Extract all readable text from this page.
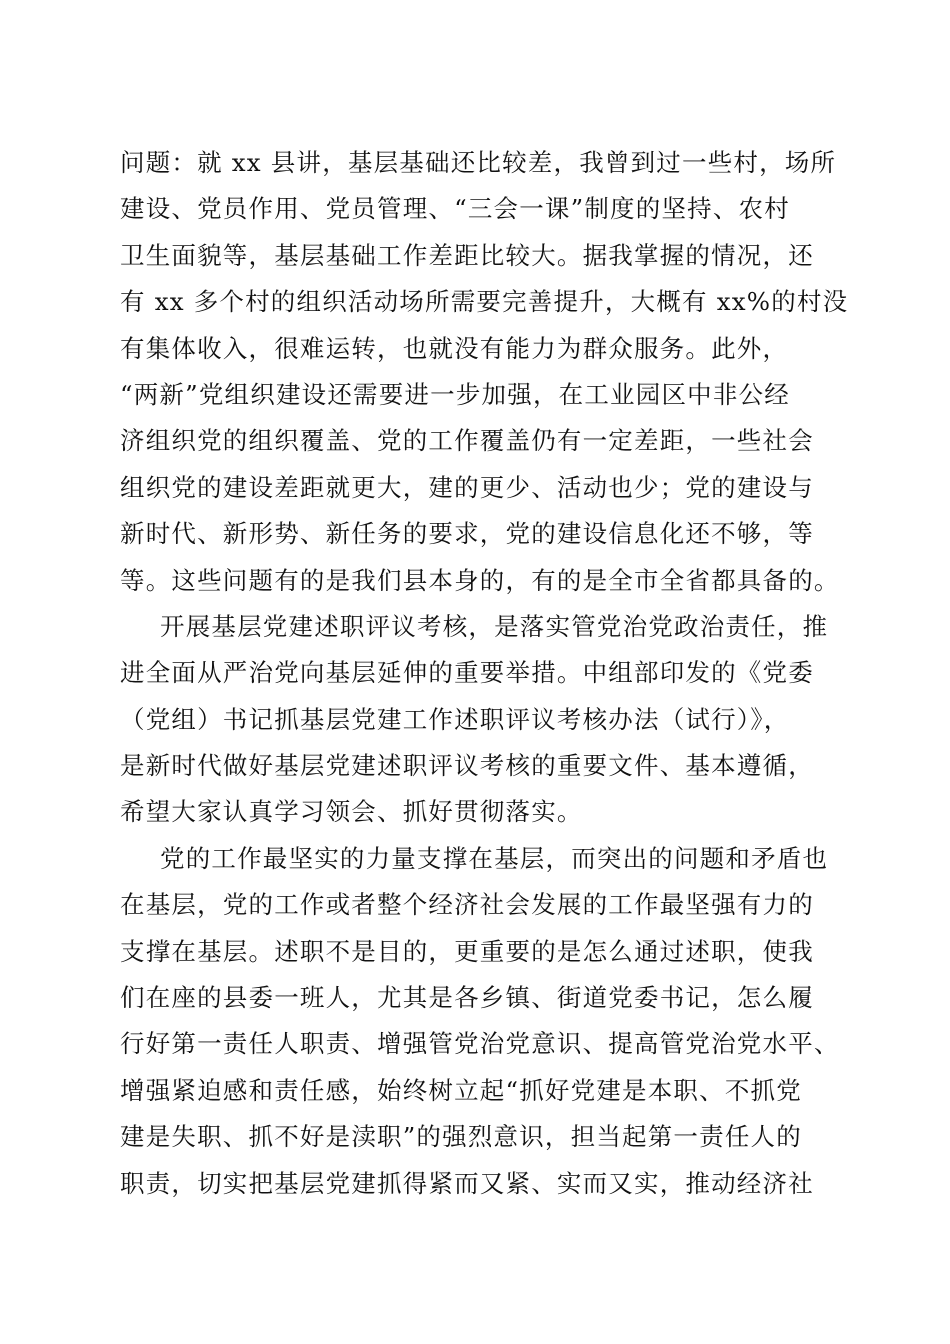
问题：就 xx 县讲，基层基础还比较差，我曾到过一些村，场所
建设、党员作用、党员管理、“三会一课”制度的坚持、农村
卫生面貌等，基层基础工作差距比较大。据我掌握的情况，还
有 xx 多个村的组织活动场所需要完善提升，大概有 xx%的村没
有集体收入，很难运转，也就没有能力为群众服务。此外，
“两新”党组织建设还需要进一步加强，在工业园区中非公经
济组织党的组织覆盖、党的工作覆盖仍有一定差距，一些社会
组织党的建设差距就更大，建的更少、活动也少；党的建设与
新时代、新形势、新任务的要求，党的建设信息化还不够，等
等。这些问题有的是我们县本身的，有的是全市全省都具备的。
开展基层党建述职评议考核，是落实管党治党政治责任，推
进全面从严治党向基层延伸的重要举措。中组部印发的《党委
（党组）书记抓基层党建工作述职评议考核办法（试行）》，
是新时代做好基层党建述职评议考核的重要文件、基本遵循，
希望大家认真学习领会、抓好贯彻落实。
党的工作最坚实的力量支撑在基层，而突出的问题和矛盾也
在基层，党的工作或者整个经济社会发展的工作最坚强有力的
支撑在基层。述职不是目的，更重要的是怎么通过述职，使我
们在座的县委一班人，尤其是各乡镇、街道党委书记，怎么履
行好第一责任人职责、增强管党治党意识、提高管党治党水平、
增强紧迫感和责任感，始终树立起“抓好党建是本职、不抓党
建是失职、抓不好是渎职”的强烈意识，担当起第一责任人的
职责，切实把基层党建抓得紧而又紧、实而又实，推动经济社
